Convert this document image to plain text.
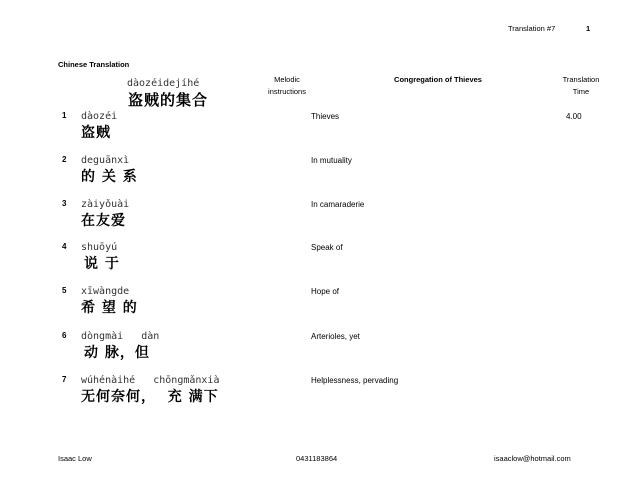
Translation #7	1
Chinese Translation
dàozéidejíhé
盗贼的集合
Melodic
instructions
Congregation of Thieves	Translation
Time
1 dàozéi
盗贼
Thieves	4.00
2 deguānxì
的 关 系
In mutuality
3 zàiyǒuài
在友爱
In camaraderie
4 shuōyú
说 于
Speak of
5 xīwàngde
希 望 的
Hope of
6 dòngmài   dàn
动 脉，但
Arterioles, yet
7 wúhénàihé   chōngmǎnxià
无何奈何，  充 满下
Helplessness, pervading
Isaac Low	0431183864	isaaclow@hotmail.com
